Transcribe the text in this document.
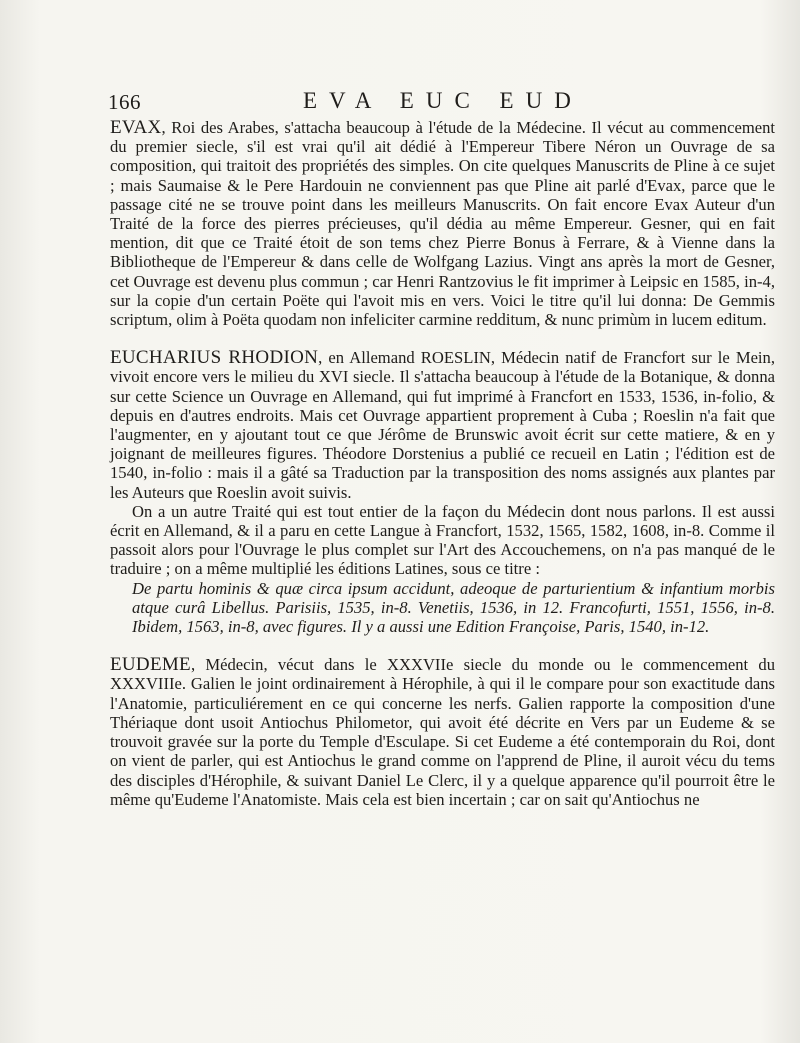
166	EVA EUC EUD

EVAX, Roi des Arabes, s'attacha beaucoup à l'étude de la Médecine. Il vécut au commencement du premier siecle, s'il est vrai qu'il ait dédié à l'Empereur Tibere Néron un Ouvrage de sa composition, qui traitoit des propriétés des simples. On cite quelques Manuscrits de Pline à ce sujet ; mais Saumaise & le Pere Hardouin ne conviennent pas que Pline ait parlé d'Evax, parce que le passage cité ne se trouve point dans les meilleurs Manuscrits. On fait encore Evax Auteur d'un Traité de la force des pierres précieuses, qu'il dédia au même Empereur. Gesner, qui en fait mention, dit que ce Traité étoit de son tems chez Pierre Bonus à Ferrare, & à Vienne dans la Bibliotheque de l'Empereur & dans celle de Wolfgang Lazius. Vingt ans après la mort de Gesner, cet Ouvrage est devenu plus commun ; car Henri Rantzovius le fit imprimer à Leipsic en 1585, in-4, sur la copie d'un certain Poëte qui l'avoit mis en vers. Voici le titre qu'il lui donna: De Gemmis scriptum, olim à Poëta quodam non infeliciter carmine redditum, & nunc primùm in lucem editum.

EUCHARIUS RHODION, en Allemand ROESLIN, Médecin natif de Francfort sur le Mein, vivoit encore vers le milieu du XVI siecle. Il s'attacha beaucoup à l'étude de la Botanique, & donna sur cette Science un Ouvrage en Allemand, qui fut imprimé à Francfort en 1533, 1536, in-folio, & depuis en d'autres endroits. Mais cet Ouvrage appartient proprement à Cuba ; Roeslin n'a fait que l'augmenter, en y ajoutant tout ce que Jérôme de Brunswic avoit écrit sur cette matiere, & en y joignant de meilleures figures. Théodore Dorstenius a publié ce recueil en Latin ; l'édition est de 1540, in-folio : mais il a gâté sa Traduction par la transposition des noms assignés aux plantes par les Auteurs que Roeslin avoit suivis.

On a un autre Traité qui est tout entier de la façon du Médecin dont nous parlons. Il est aussi écrit en Allemand, & il a paru en cette Langue à Francfort, 1532, 1565, 1582, 1608, in-8. Comme il passoit alors pour l'Ouvrage le plus complet sur l'Art des Accouchemens, on n'a pas manqué de le traduire ; on a même multiplié les éditions Latines, sous ce titre :

De partu hominis & quæ circa ipsum accidunt, adeoque de parturientium & infantium morbis atque curâ Libellus. Parisiis, 1535, in-8. Venetiis, 1536, in 12. Francofurti, 1551, 1556, in-8. Ibidem, 1563, in-8, avec figures. Il y a aussi une Edition Françoise, Paris, 1540, in-12.

EUDEME, Médecin, vécut dans le XXXVIIe siecle du monde ou le commencement du XXXVIIIe. Galien le joint ordinairement à Hérophile, à qui il le compare pour son exactitude dans l'Anatomie, particuliérement en ce qui concerne les nerfs. Galien rapporte la composition d'une Thériaque dont usoit Antiochus Philometor, qui avoit été décrite en Vers par un Eudeme & se trouvoit gravée sur la porte du Temple d'Esculape. Si cet Eudeme a été contemporain du Roi, dont on vient de parler, qui est Antiochus le grand comme on l'apprend de Pline, il auroit vécu du tems des disciples d'Hérophile, & suivant Daniel Le Clerc, il y a quelque apparence qu'il pourroit être le même qu'Eudeme l'Anatomiste. Mais cela est bien incertain ; car on sait qu'Antiochus ne
